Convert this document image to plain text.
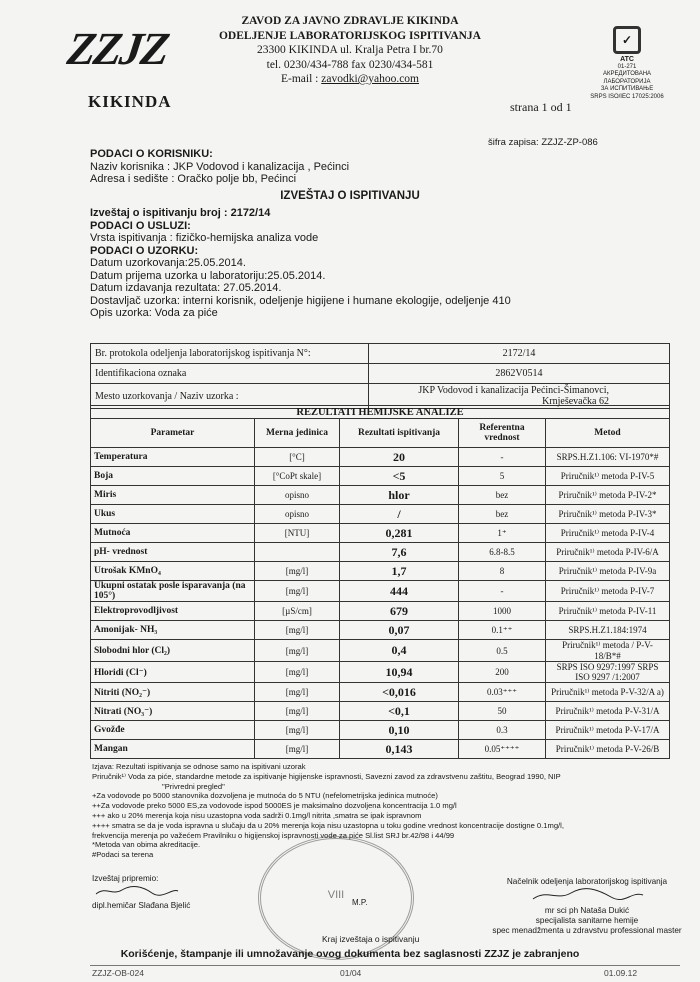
ZZJZ
KIKINDA
ZAVOD ZA JAVNO ZDRAVLJE KIKINDA
ODELJENJE LABORATORIJSKOG ISPITIVANJA
23300 KIKINDA ul. Kralja Petra I br.70
tel. 0230/434-788 fax 0230/434-581
E-mail : zavodki@yahoo.com
✓
ATC
01-271
АКРЕДИТОВАНА
ЛАБОРАТОРИЈА
ЗА ИСПИТИВАЊЕ
SRPS ISO/IEC 17025:2006
strana 1 od 1
šifra zapisa: ZZJZ-ZP-086
PODACI O KORISNIKU:
Naziv korisnika : JKP Vodovod i kanalizacija , Pećinci
Adresa i sedište : Oračko polje bb, Pećinci
IZVEŠTAJ O ISPITIVANJU
Izveštaj o ispitivanju broj : 2172/14
PODACI O USLUZI:
Vrsta ispitivanja : fizičko-hemijska analiza vode
PODACI O UZORKU:
Datum uzorkovanja:25.05.2014.
Datum prijema uzorka u laboratoriju:25.05.2014.
Datum izdavanja rezultata: 27.05.2014.
Dostavljač uzorka: interni korisnik, odeljenje higijene i humane ekologije, odeljenje 410
Opis uzorka: Voda za piće
Br. protokola odeljenja laboratorijskog ispitivanja N°:	2172/14
Identifikaciona oznaka	2862V0514
Mesto uzorkovanja / Naziv uzorka :	JKP Vodovod i kanalizacija Pećinci-Šimanovci,
Krnješevačka 62
REZULTATI HEMIJSKE ANALIZE				
Parametar	Merna jedinica	Rezultati ispitivanja	Referentna vrednost	Metod
Temperatura	[°C]	20	-	SRPS.H.Z1.106: VI-1970*#
Boja	[°CoPt skale]	<5	5	Priručnik¹⁾ metoda P-IV-5
Miris	opisno	hlor	bez	Priručnik¹⁾ metoda P-IV-2*
Ukus	opisno	/	bez	Priručnik¹⁾ metoda P-IV-3*
Mutnoća	[NTU]	0,281	1⁺	Priručnik¹⁾ metoda P-IV-4
pH- vrednost		7,6	6.8-8.5	Priručnik¹⁾ metoda P-IV-6/A
Utrošak KMnO₄	[mg/l]	1,7	8	Priručnik¹⁾ metoda P-IV-9a
Ukupni ostatak posle isparavanja (na 105°)	[mg/l]	444	-	Priručnik¹⁾ metoda P-IV-7
Elektroprovodljivost	[µS/cm]	679	1000	Priručnik¹⁾ metoda P-IV-11
Amonijak- NH₃	[mg/l]	0,07	0.1⁺⁺	SRPS.H.Z1.184:1974
Slobodni hlor (Cl₂)	[mg/l]	0,4	0.5	Priručnik¹⁾ metoda / P-V-18/B*#
Hloridi (Cl⁻)	[mg/l]	10,94	200	SRPS ISO 9297:1997 SRPS ISO 9297 /1:2007
Nitriti (NO₂⁻)	[mg/l]	<0,016	0.03⁺⁺⁺	Priručnik¹⁾ metoda P-V-32/A a)
Nitrati (NO₃⁻)	[mg/l]	<0,1	50	Priručnik¹⁾ metoda P-V-31/A
Gvožđe	[mg/l]	0,10	0.3	Priručnik¹⁾ metoda P-V-17/A
Mangan	[mg/l]	0,143	0.05⁺⁺⁺⁺	Priručnik¹⁾ metoda P-V-26/B
Izjava: Rezultati ispitivanja se odnose samo na ispitivani uzorak
Priručnik¹⁾ Voda za piće, standardne metode za ispitivanje higijenske ispravnosti, Savezni zavod za zdravstvenu zaštitu, Beograd 1990, NIP
"Privredni pregled"
+Za vodovode po 5000 stanovnika dozvoljena je mutnoća do 5 NTU (nefelometrijska jedinica mutnoće)
++Za vodovode preko 5000 ES,za vodovode ispod 5000ES je maksimalno dozvoljena koncentracija 1.0 mg/l
+++ ako u 20% merenja koja nisu uzastopna voda sadrži 0.1mg/l nitrita ,smatra se ipak ispravnom
++++ smatra se da je voda ispravna u slučaju da u 20% merenja koja nisu uzastopna u toku godine vrednost koncentracije dostigne 0.1mg/l,
frekvencija merenja po važećem Pravilniku o higijenskoj ispravnosti vode za piće Sl.list SRJ br.42/98 i 44/99
*Metoda van obima akreditacije.
#Podaci sa terena
VIII
M.P.
Izveštaj pripremio:
dipl.hemičar Slađana Bjelić
Načelnik odeljenja laboratorijskog ispitivanja
mr sci ph Nataša Dukić
specijalista sanitarne hemije
spec menadžmenta u zdravstvu professional master
Kraj izveštaja o ispitivanju
Korišćenje, štampanje ili umnožavanje ovog dokumenta bez saglasnosti ZZJZ je zabranjeno
ZZJZ-OB-024	01/04	01.09.12
